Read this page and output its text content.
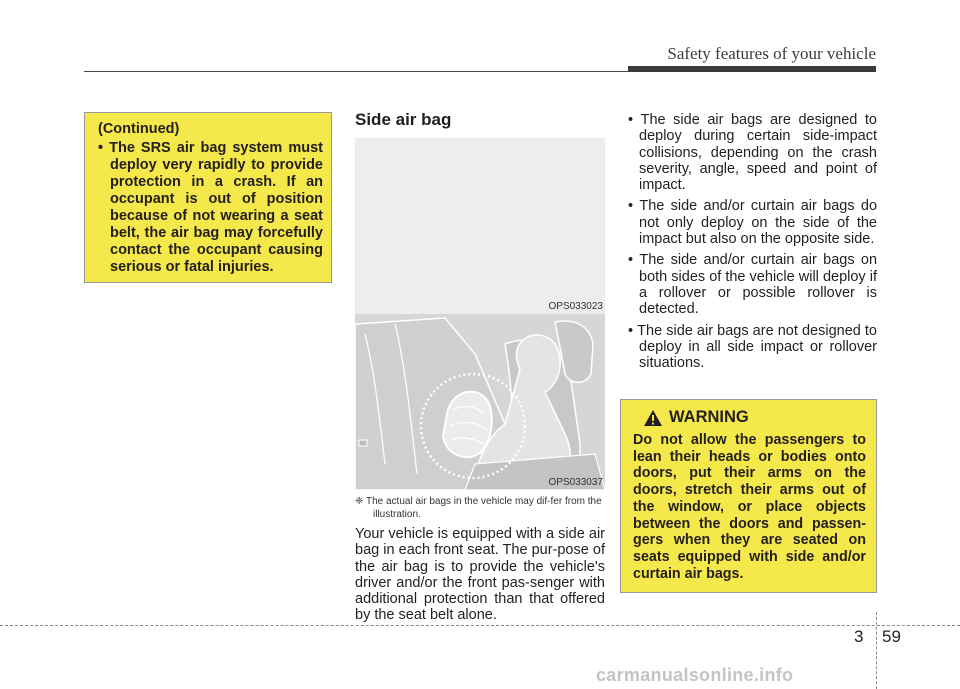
Safety features of your vehicle
(Continued)
• The SRS air bag system must deploy very rapidly to provide protection in a crash. If an occupant is out of position because of not wearing a seat belt, the air bag may forcefully contact the occupant causing serious or fatal injuries.
Side air bag
OPS033023
OPS033037
❈ The actual air bags in the vehicle may dif-fer from the illustration.
Your vehicle is equipped with a side air bag in each front seat. The pur-pose of the air bag is to provide the vehicle's driver and/or the front pas-senger with additional protection than that offered by the seat belt alone.
• The side air bags are designed to deploy during certain side-impact collisions, depending on the crash severity, angle, speed and point of impact.
• The side and/or curtain air bags do not only deploy on the side of the impact but also on the opposite side.
• The side and/or curtain air bags on both sides of the vehicle will deploy if a rollover or possible rollover is detected.
• The side air bags are not designed to deploy in all side impact or rollover situations.
WARNING
Do not allow the passengers to lean their heads or bodies onto doors, put their arms on the doors, stretch their arms out of the window, or place objects between the doors and passen-gers when they are seated on seats equipped with side and/or curtain air bags.
3 59
carmanualsonline.info
